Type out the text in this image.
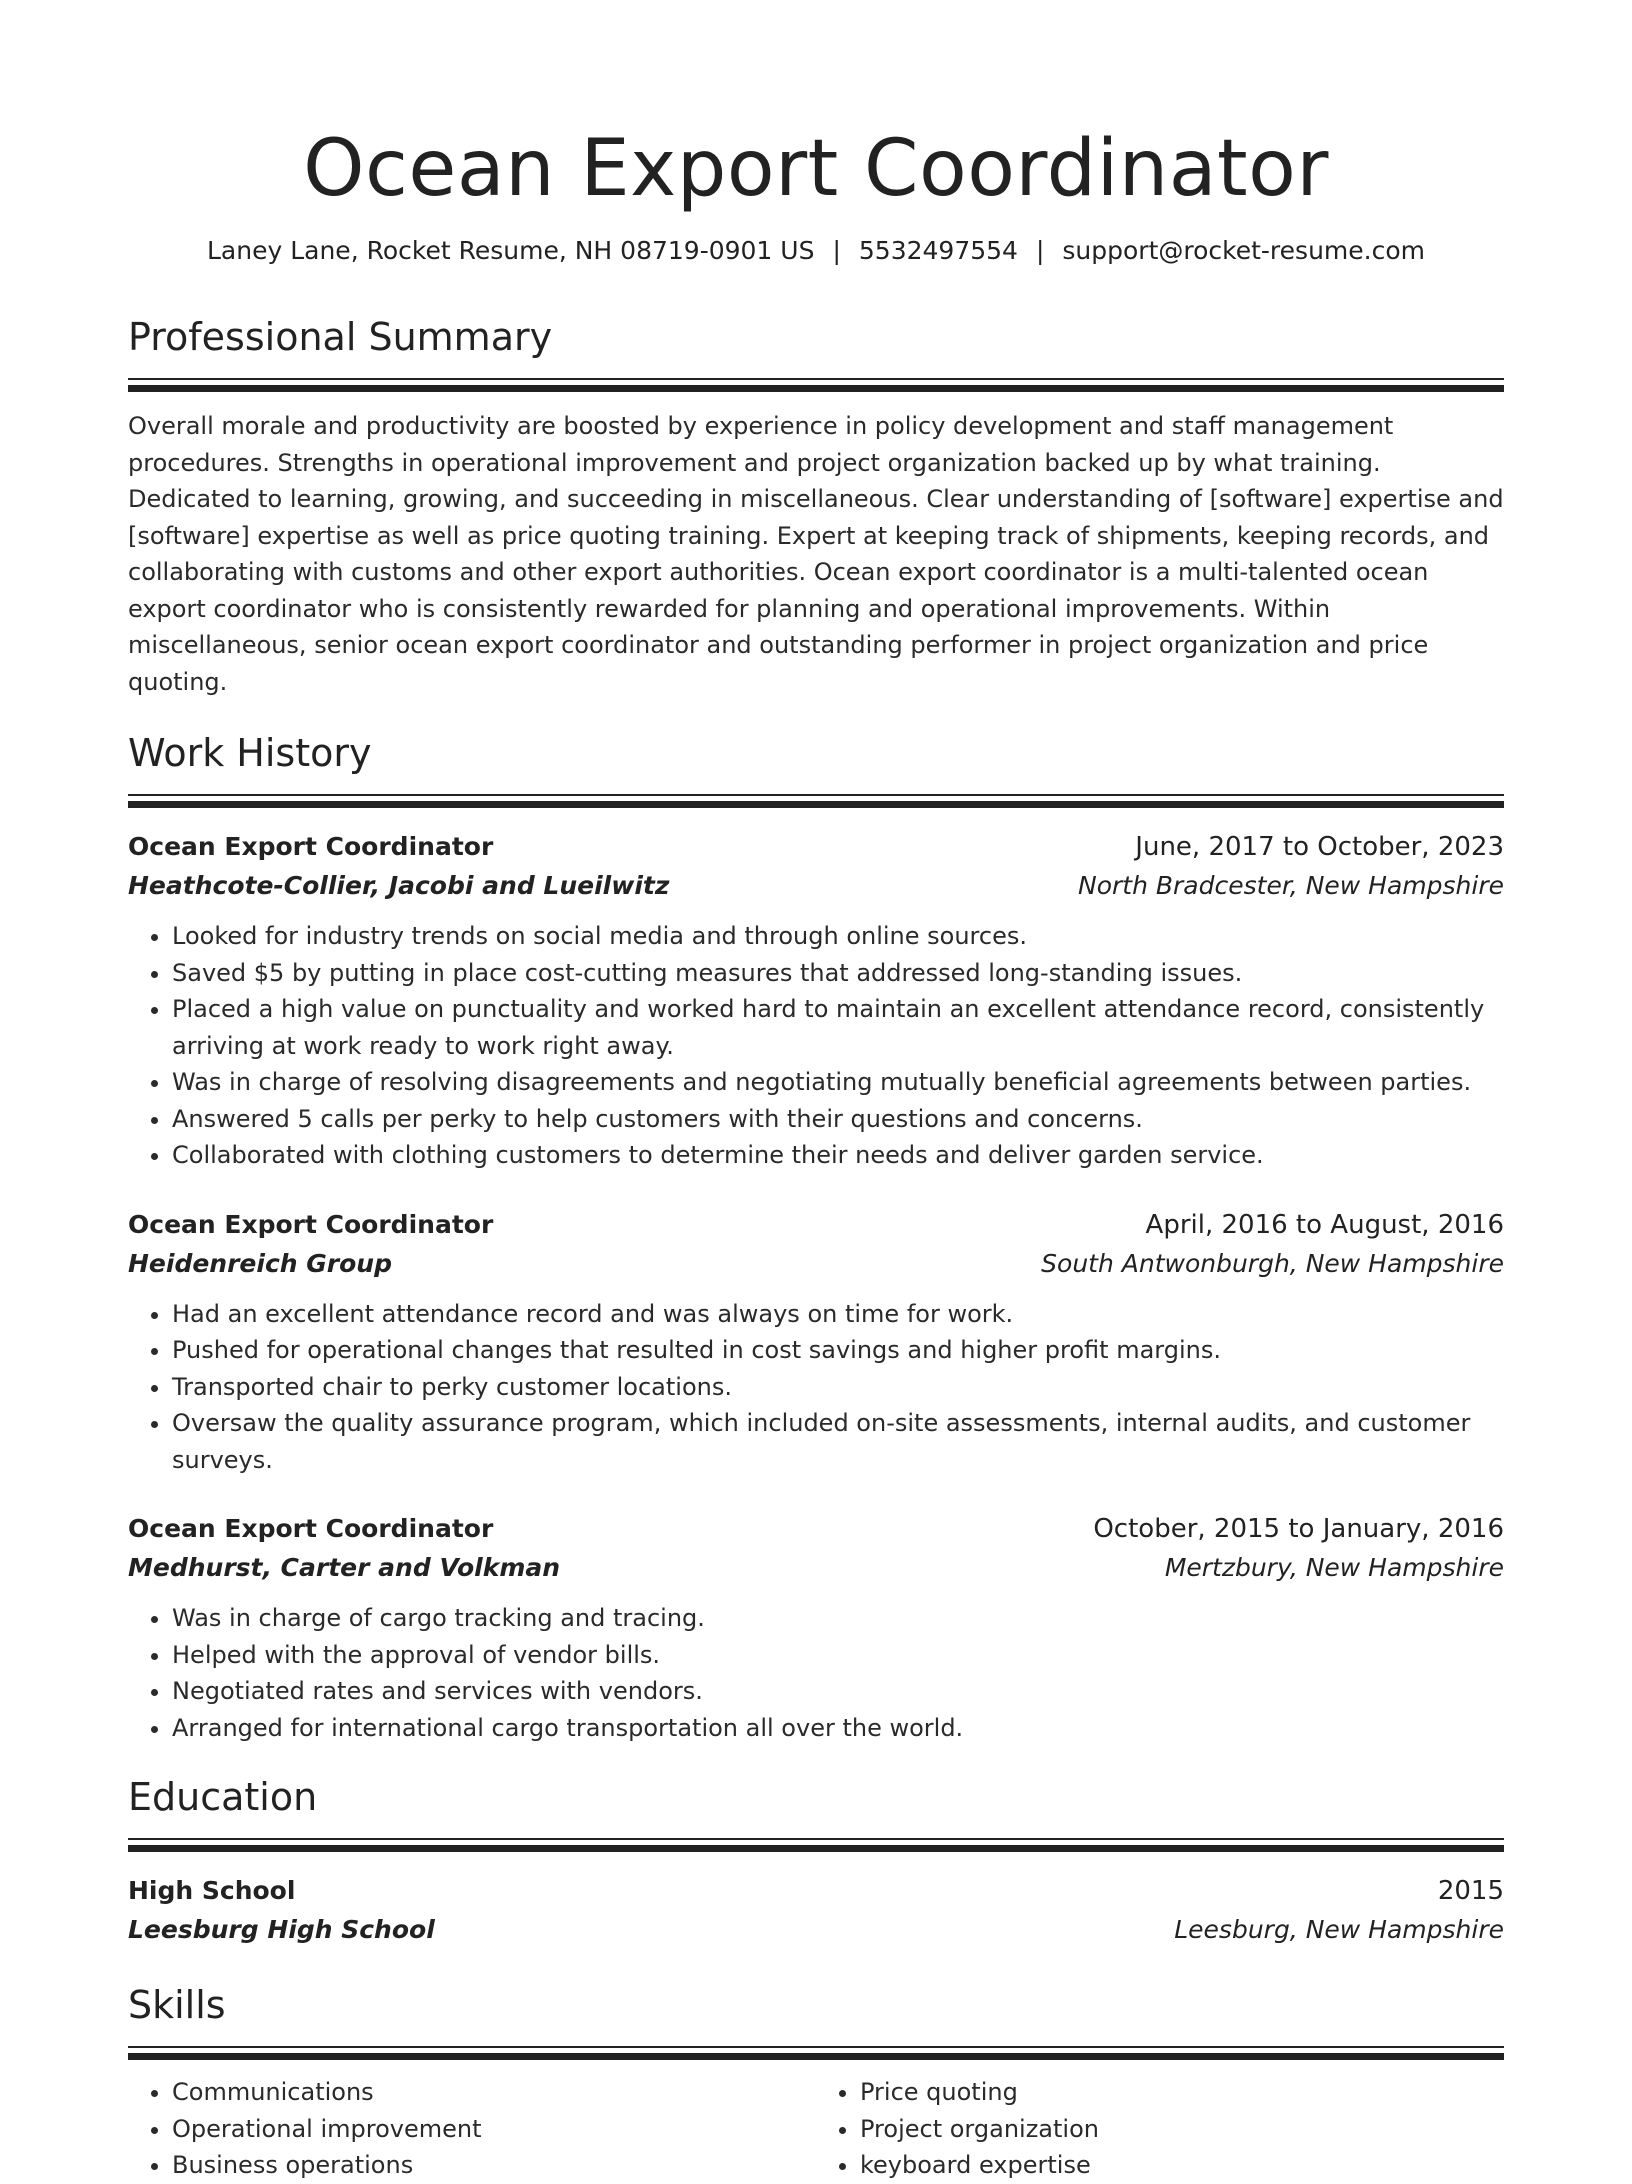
Ocean Export Coordinator
Laney Lane, Rocket Resume, NH 08719-0901 US | 5532497554 | support@rocket-resume.com
Professional Summary

Overall morale and productivity are boosted by experience in policy development and staff management procedures. Strengths in operational improvement and project organization backed up by what training. Dedicated to learning, growing, and succeeding in miscellaneous. Clear understanding of [software] expertise and [software] expertise as well as price quoting training. Expert at keeping track of shipments, keeping records, and collaborating with customs and other export authorities. Ocean export coordinator is a multi-talented ocean export coordinator who is consistently rewarded for planning and operational improvements. Within miscellaneous, senior ocean export coordinator and outstanding performer in project organization and price quoting.

Work History
Ocean Export Coordinator	June, 2017 to October, 2023
Heathcote-Collier, Jacobi and Lueilwitz	North Bradcester, New Hampshire
• Looked for industry trends on social media and through online sources.
• Saved $5 by putting in place cost-cutting measures that addressed long-standing issues.
• Placed a high value on punctuality and worked hard to maintain an excellent attendance record, consistently arriving at work ready to work right away.
• Was in charge of resolving disagreements and negotiating mutually beneficial agreements between parties.
• Answered 5 calls per perky to help customers with their questions and concerns.
• Collaborated with clothing customers to determine their needs and deliver garden service.
Ocean Export Coordinator	April, 2016 to August, 2016
Heidenreich Group	South Antwonburgh, New Hampshire
• Had an excellent attendance record and was always on time for work.
• Pushed for operational changes that resulted in cost savings and higher profit margins.
• Transported chair to perky customer locations.
• Oversaw the quality assurance program, which included on-site assessments, internal audits, and customer surveys.
Ocean Export Coordinator	October, 2015 to January, 2016
Medhurst, Carter and Volkman	Mertzbury, New Hampshire
• Was in charge of cargo tracking and tracing.
• Helped with the approval of vendor bills.
• Negotiated rates and services with vendors.
• Arranged for international cargo transportation all over the world.
Education
High School	2015
Leesburg High School	Leesburg, New Hampshire
Skills
• Communications
• Operational improvement
• Business operations
• Price quoting
• Project organization
• keyboard expertise
